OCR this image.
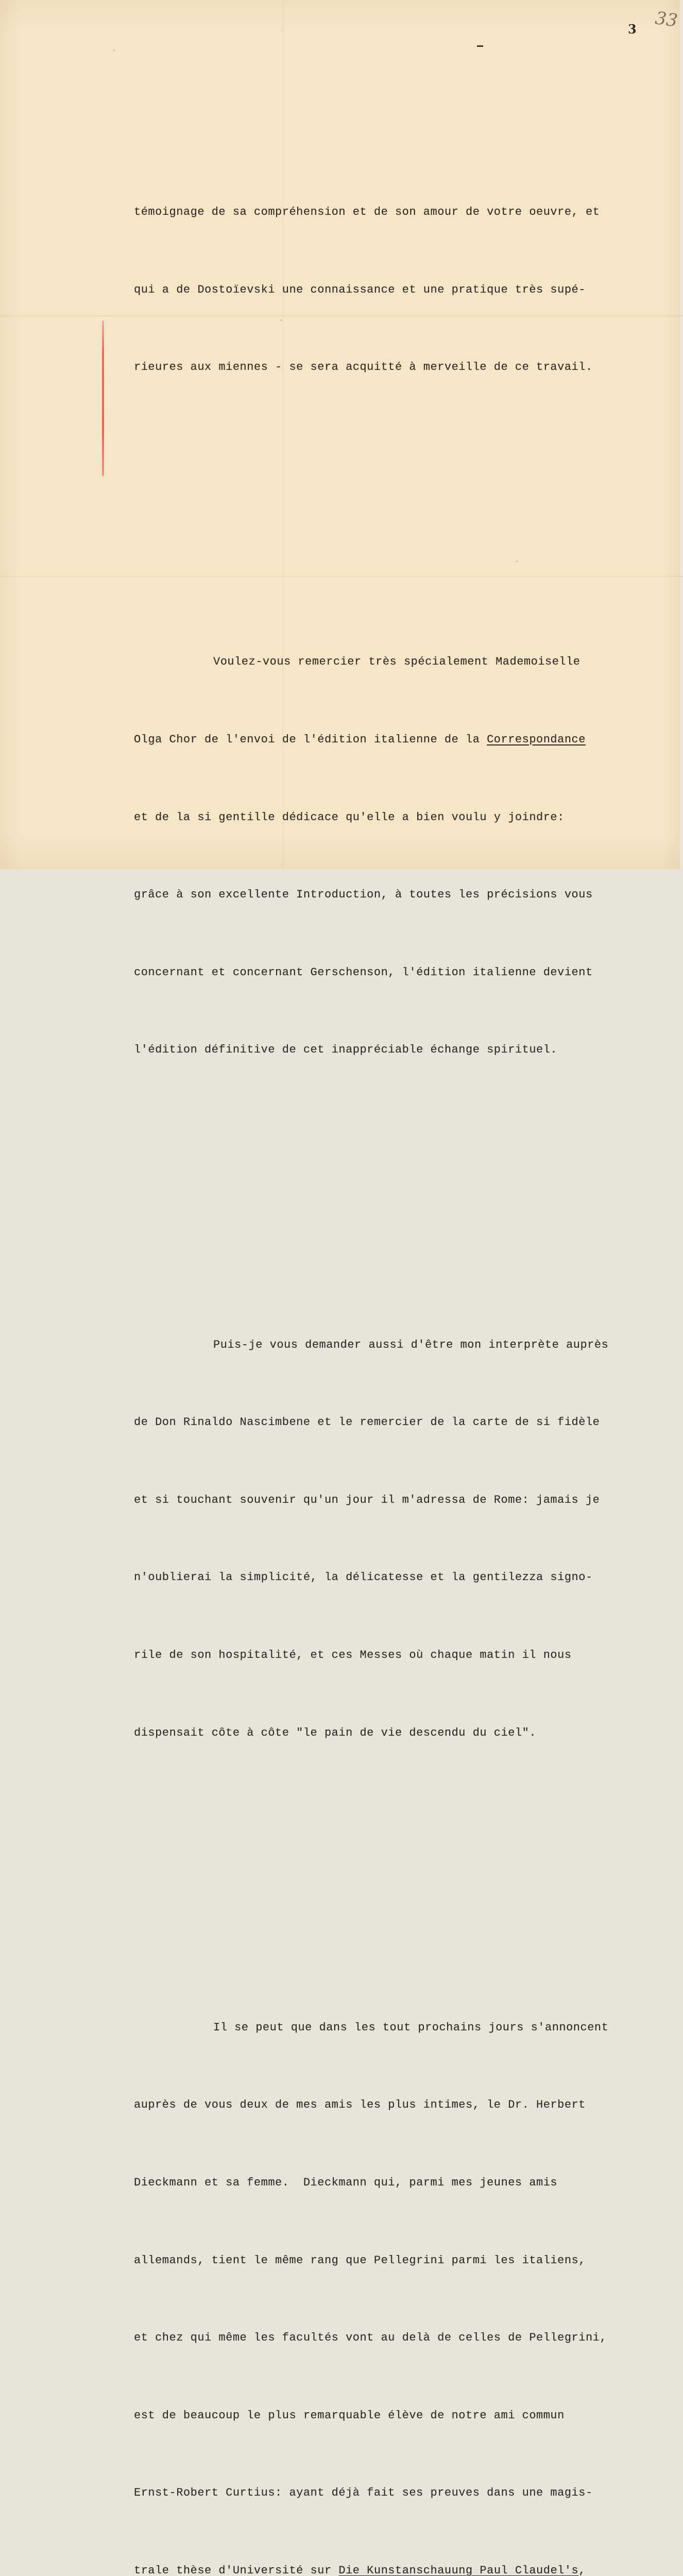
33
3

témoignage de sa compréhension et de son amour de votre oeuvre, et

qui a de Dostoïevski une connaissance et une pratique très supé-

rieures aux miennes - se sera acquitté à merveille de ce travail.

Voulez-vous remercier très spécialement Mademoiselle

Olga Chor de l'envoi de l'édition italienne de la Correspondance

et de la si gentille dédicace qu'elle a bien voulu y joindre:

grâce à son excellente Introduction, à toutes les précisions vous

concernant et concernant Gerschenson, l'édition italienne devient

l'édition définitive de cet inappréciable échange spirituel.

Puis-je vous demander aussi d'être mon interprète auprès

de Don Rinaldo Nascimbene et le remercier de la carte de si fidèle

et si touchant souvenir qu'un jour il m'adressa de Rome: jamais je

n'oublierai la simplicité, la délicatesse et la gentilezza signo-

rile de son hospitalité, et ces Messes où chaque matin il nous

dispensait côte à côte "le pain de vie descendu du ciel".

Il se peut que dans les tout prochains jours s'annoncent

auprès de vous deux de mes amis les plus intimes, le Dr. Herbert

Dieckmann et sa femme.  Dieckmann qui, parmi mes jeunes amis

allemands, tient le même rang que Pellegrini parmi les italiens,

et chez qui même les facultés vont au delà de celles de Pellegrini,

est de beaucoup le plus remarquable élève de notre ami commun

Ernst-Robert Curtius: ayant déjà fait ses preuves dans une magis-

trale thèse d'Université sur Die Kunstanschauung Paul Claudel's,
